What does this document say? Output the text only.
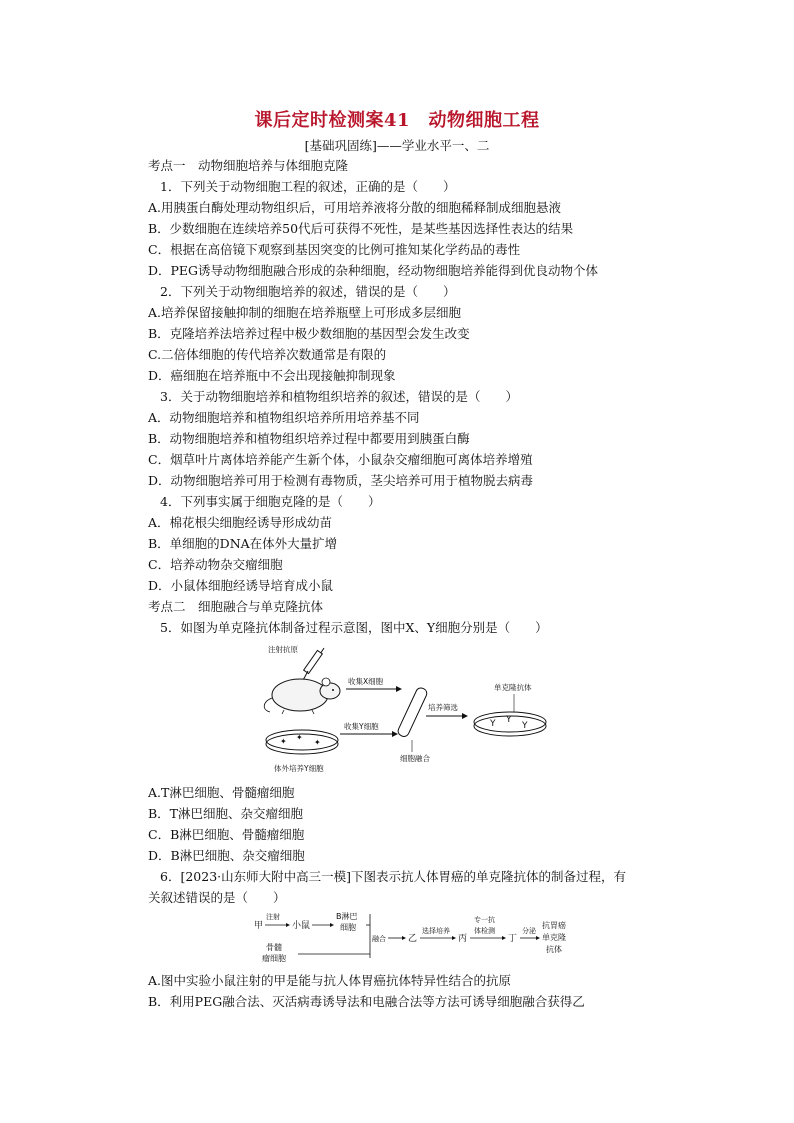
课后定时检测案41　动物细胞工程
[基础巩固练]——学业水平一、二
考点一　动物细胞培养与体细胞克隆
1．下列关于动物细胞工程的叙述，正确的是（　　）
A.用胰蛋白酶处理动物组织后，可用培养液将分散的细胞稀释制成细胞悬液
B．少数细胞在连续培养50代后可获得不死性，是某些基因选择性表达的结果
C．根据在高倍镜下观察到基因突变的比例可推知某化学药品的毒性
D．PEG诱导动物细胞融合形成的杂种细胞，经动物细胞培养能得到优良动物个体
2．下列关于动物细胞培养的叙述，错误的是（　　）
A.培养保留接触抑制的细胞在培养瓶壁上可形成多层细胞
B．克隆培养法培养过程中极少数细胞的基因型会发生改变
C.二倍体细胞的传代培养次数通常是有限的
D．癌细胞在培养瓶中不会出现接触抑制现象
3．关于动物细胞培养和植物组织培养的叙述，错误的是（　　）
A．动物细胞培养和植物组织培养所用培养基不同
B．动物细胞培养和植物组织培养过程中都要用到胰蛋白酶
C．烟草叶片离体培养能产生新个体，小鼠杂交瘤细胞可离体培养增殖
D．动物细胞培养可用于检测有毒物质，茎尖培养可用于植物脱去病毒
4．下列事实属于细胞克隆的是（　　）
A．棉花根尖细胞经诱导形成幼苗
B．单细胞的DNA在体外大量扩增
C．培养动物杂交瘤细胞
D．小鼠体细胞经诱导培育成小鼠
考点二　细胞融合与单克隆抗体
5．如图为单克隆抗体制备过程示意图，图中X、Y细胞分别是（　　）
注射抗原
收集X细胞
✦ ✦
✦
体外培养Y细胞
收集Y细胞
细胞融合
培养筛选
Y Y
Y
单克隆抗体
A.T淋巴细胞、骨髓瘤细胞
B．T淋巴细胞、杂交瘤细胞
C．B淋巴细胞、骨髓瘤细胞
D．B淋巴细胞、杂交瘤细胞
6．[2023·山东师大附中高三一模]下图表示抗人体胃癌的单克隆抗体的制备过程，有
关叙述错误的是（　　）
甲
注射
小鼠
B淋巴
细胞
骨髓
瘤细胞
融合 乙
选择培养
丙
专一抗
体检测
丁
分泌
抗胃癌
单克隆
抗体
A.图中实验小鼠注射的甲是能与抗人体胃癌抗体特异性结合的抗原
B．利用PEG融合法、灭活病毒诱导法和电融合法等方法可诱导细胞融合获得乙
